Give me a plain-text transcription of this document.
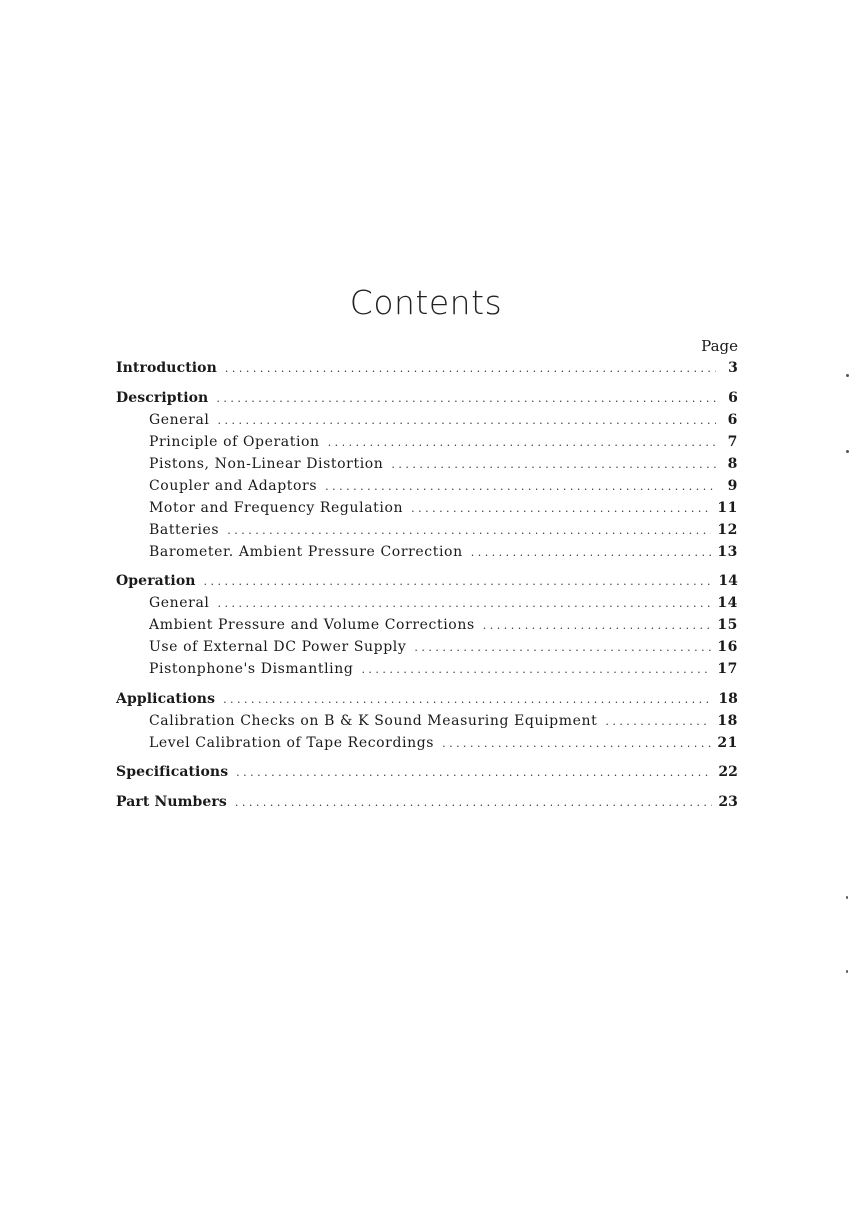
Contents
Page
Introduction . . .	3
Description . . .	6
General . . .	6
Principle of Operation . . .	7
Pistons, Non-Linear Distortion . . .	8
Coupler and Adaptors . . .	9
Motor and Frequency Regulation . . .	11
Batteries . . .	12
Barometer. Ambient Pressure Correction . . .	13
Operation . . .	14
General . . .	14
Ambient Pressure and Volume Corrections . . .	15
Use of External DC Power Supply . . .	16
Pistonphone's Dismantling . . .	17
Applications . . .	18
Calibration Checks on B & K Sound Measuring Equipment . . .	18
Level Calibration of Tape Recordings . . .	21
Specifications . . .	22
Part Numbers . . .	23
